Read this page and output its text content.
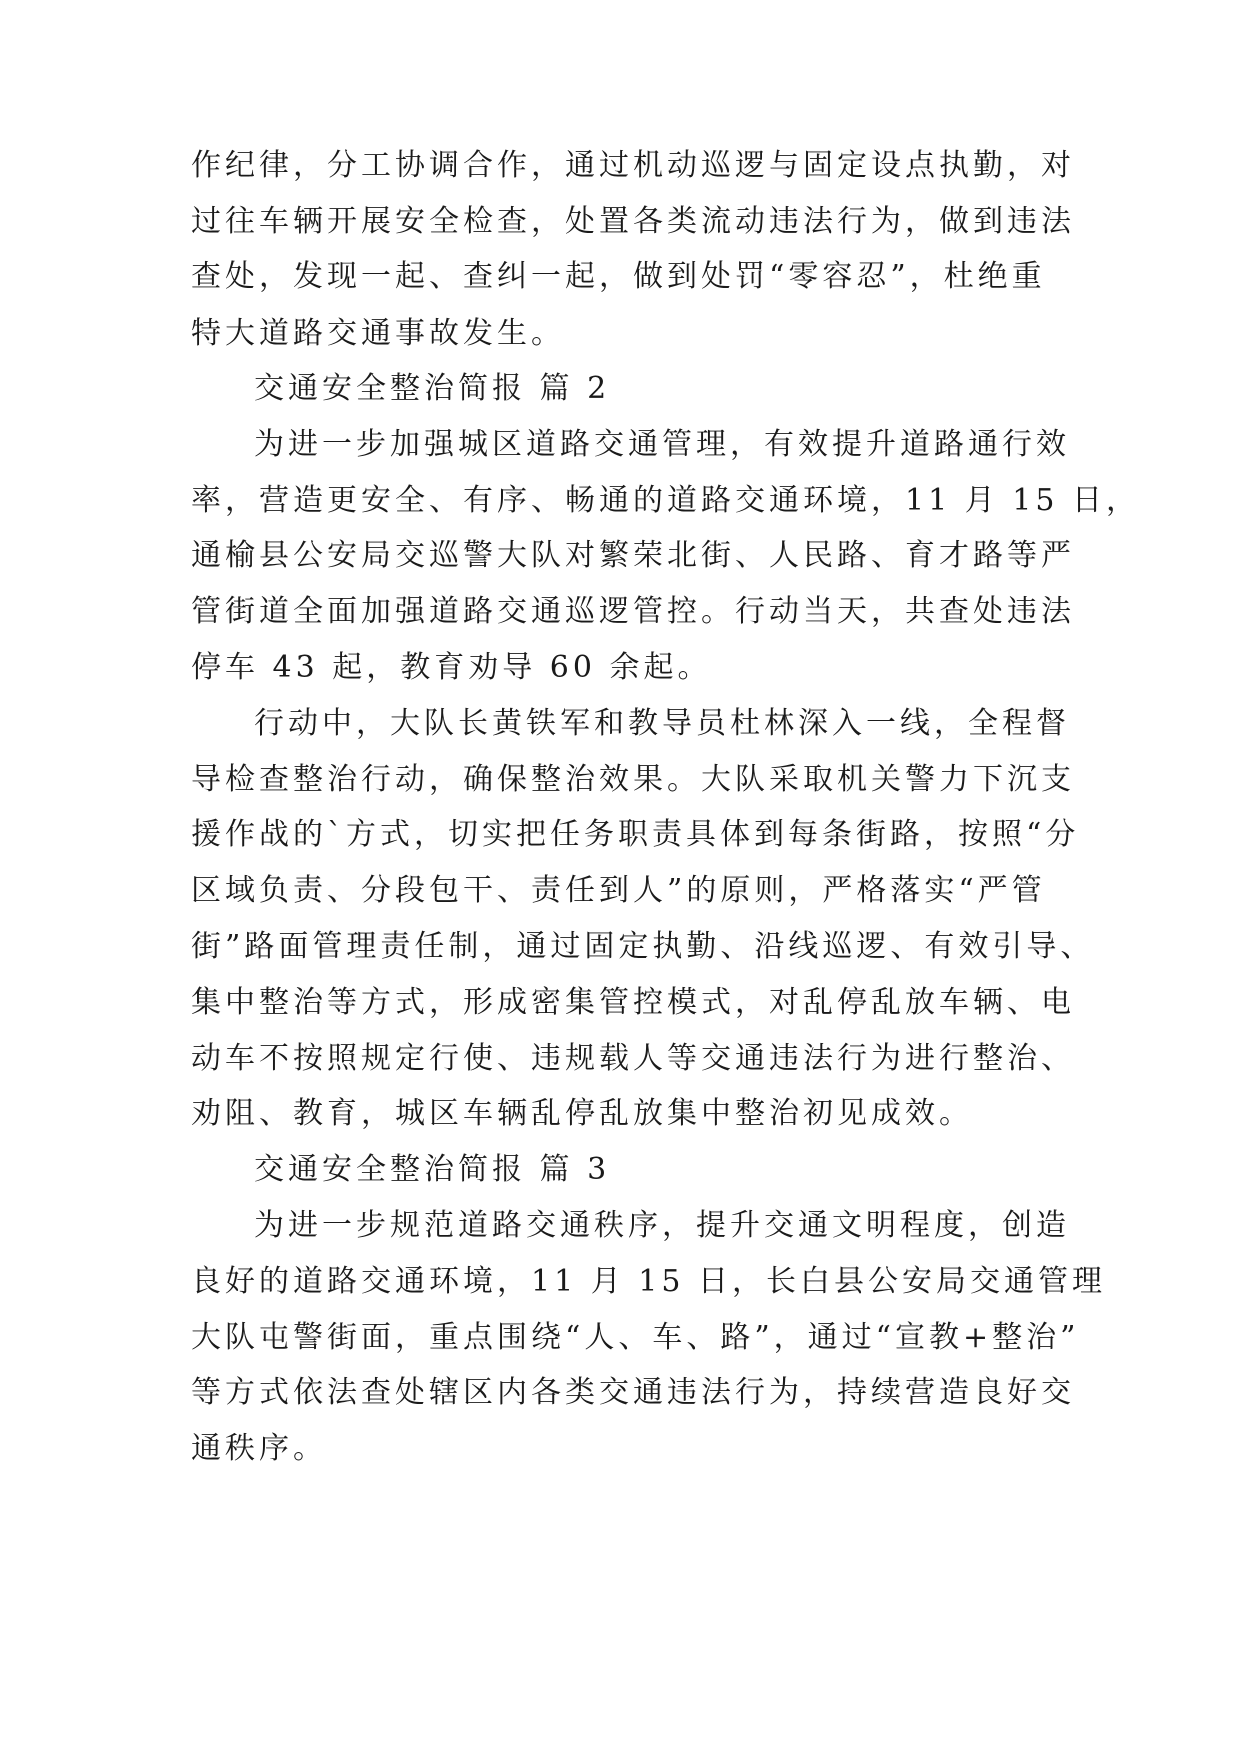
作纪律，分工协调合作，通过机动巡逻与固定设点执勤，对
过往车辆开展安全检查，处置各类流动违法行为，做到违法
查处，发现一起、查纠一起，做到处罚“零容忍”，杜绝重
特大道路交通事故发生。
交通安全整治简报 篇 2
为进一步加强城区道路交通管理，有效提升道路通行效
率，营造更安全、有序、畅通的道路交通环境，11 月 15 日，
通榆县公安局交巡警大队对繁荣北街、人民路、育才路等严
管街道全面加强道路交通巡逻管控。行动当天，共查处违法
停车 43 起，教育劝导 60 余起。
行动中，大队长黄铁军和教导员杜林深入一线，全程督
导检查整治行动，确保整治效果。大队采取机关警力下沉支
援作战的`方式，切实把任务职责具体到每条街路，按照“分
区域负责、分段包干、责任到人”的原则，严格落实“严管
街”路面管理责任制，通过固定执勤、沿线巡逻、有效引导、
集中整治等方式，形成密集管控模式，对乱停乱放车辆、电
动车不按照规定行使、违规载人等交通违法行为进行整治、
劝阻、教育，城区车辆乱停乱放集中整治初见成效。
交通安全整治简报 篇 3
为进一步规范道路交通秩序，提升交通文明程度，创造
良好的道路交通环境，11 月 15 日，长白县公安局交通管理
大队屯警街面，重点围绕“人、车、路”，通过“宣教+整治”
等方式依法查处辖区内各类交通违法行为，持续营造良好交
通秩序。
